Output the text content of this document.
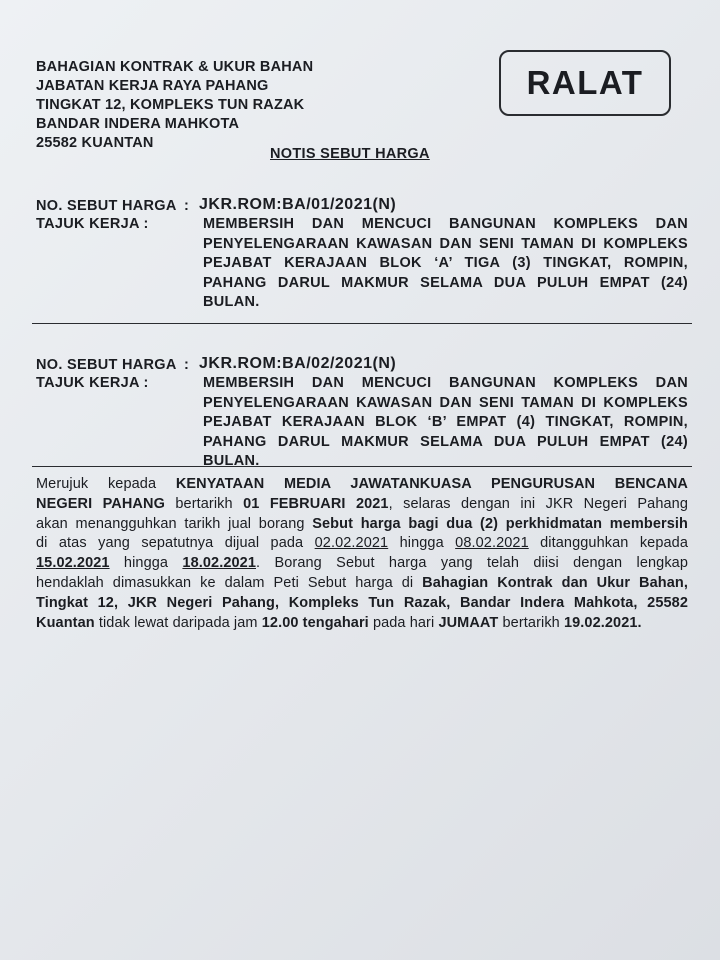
BAHAGIAN KONTRAK & UKUR BAHAN
JABATAN KERJA RAYA PAHANG
TINGKAT 12, KOMPLEKS TUN RAZAK
BANDAR INDERA MAHKOTA
25582 KUANTAN
RALAT
NOTIS SEBUT HARGA
NO. SEBUT HARGA : JKR.ROM:BA/01/2021(N)
TAJUK KERJA :	MEMBERSIH DAN MENCUCI BANGUNAN KOMPLEKS DAN
PENYELENGARAAN KAWASAN DAN SENI TAMAN DI KOMPLEKS
PEJABAT KERAJAAN BLOK ‘A’ TIGA (3) TINGKAT, ROMPIN,
PAHANG DARUL MAKMUR SELAMA DUA PULUH EMPAT (24)
BULAN.
NO. SEBUT HARGA : JKR.ROM:BA/02/2021(N)
TAJUK KERJA :	MEMBERSIH DAN MENCUCI BANGUNAN KOMPLEKS DAN
PENYELENGARAAN KAWASAN DAN SENI TAMAN DI KOMPLEKS
PEJABAT KERAJAAN BLOK ‘B’ EMPAT (4) TINGKAT, ROMPIN,
PAHANG DARUL MAKMUR SELAMA DUA PULUH EMPAT (24)
BULAN.
Merujuk kepada KENYATAAN MEDIA JAWATANKUASA PENGURUSAN BENCANA
NEGERI PAHANG bertarikh 01 FEBRUARI 2021, selaras dengan ini JKR Negeri Pahang
akan menangguhkan tarikh jual borang Sebut harga bagi dua (2) perkhidmatan membersih
di atas yang sepatutnya dijual pada 02.02.2021 hingga 08.02.2021 ditangguhkan kepada
15.02.2021 hingga 18.02.2021. Borang Sebut harga yang telah diisi dengan lengkap
hendaklah dimasukkan ke dalam Peti Sebut harga di Bahagian Kontrak dan Ukur Bahan,
Tingkat 12, JKR Negeri Pahang, Kompleks Tun Razak, Bandar Indera Mahkota, 25582
Kuantan tidak lewat daripada jam 12.00 tengahari pada hari JUMAAT bertarikh 19.02.2021.
